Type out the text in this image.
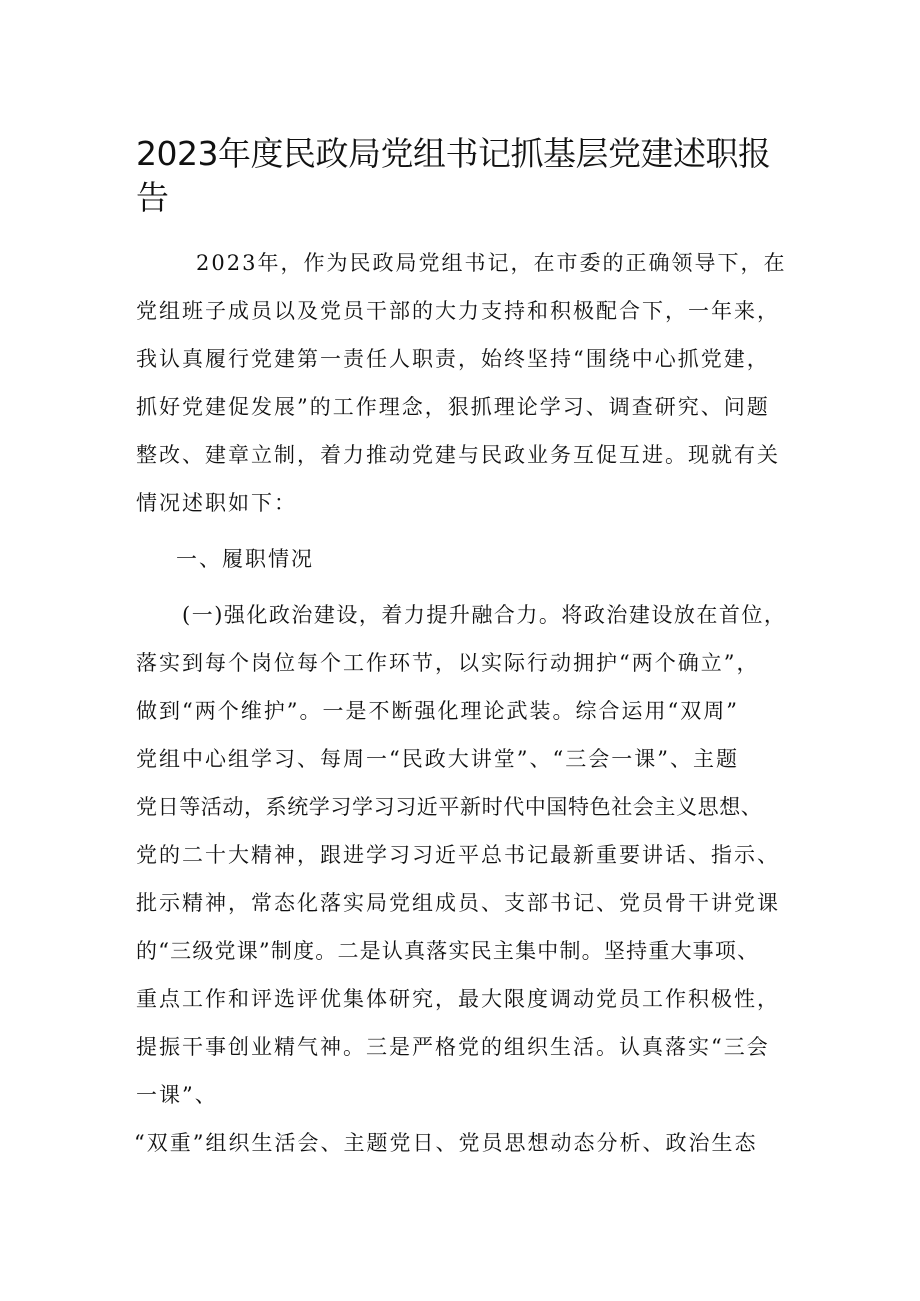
2023年度民政局党组书记抓基层党建述职报告

2023年，作为民政局党组书记，在市委的正确领导下，在

党组班子成员以及党员干部的大力支持和积极配合下，一年来，

我认真履行党建第一责任人职责，始终坚持“围绕中心抓党建，

抓好党建促发展”的工作理念，狠抓理论学习、调查研究、问题

整改、建章立制，着力推动党建与民政业务互促互进。现就有关

情况述职如下：

一、履职情况

(一)强化政治建设，着力提升融合力。将政治建设放在首位，

落实到每个岗位每个工作环节，以实际行动拥护“两个确立”，

做到“两个维护”。一是不断强化理论武装。综合运用“双周”

党组中心组学习、每周一“民政大讲堂”、“三会一课”、主题

党日等活动，系统学习学习习近平新时代中国特色社会主义思想、

党的二十大精神，跟进学习习近平总书记最新重要讲话、指示、

批示精神，常态化落实局党组成员、支部书记、党员骨干讲党课

的“三级党课”制度。二是认真落实民主集中制。坚持重大事项、

重点工作和评选评优集体研究，最大限度调动党员工作积极性，

提振干事创业精气神。三是严格党的组织生活。认真落实“三会

一课”、

“双重”组织生活会、主题党日、党员思想动态分析、政治生态
